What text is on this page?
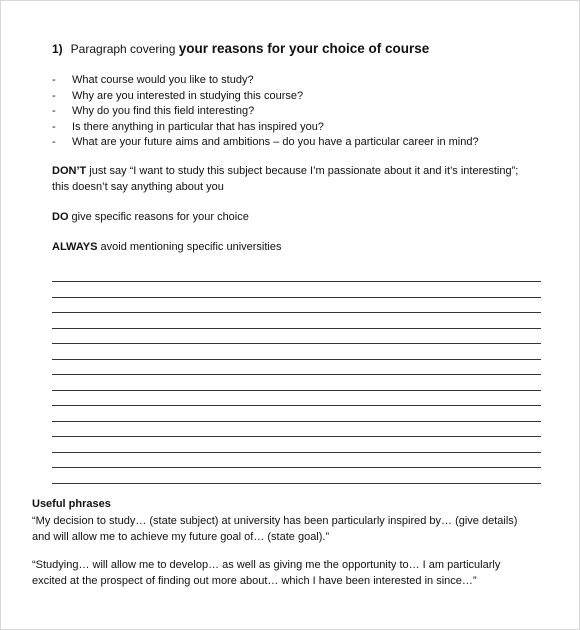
1) Paragraph covering your reasons for your choice of course
- What course would you like to study?
- Why are you interested in studying this course?
- Why do you find this field interesting?
- Is there anything in particular that has inspired you?
- What are your future aims and ambitions – do you have a particular career in mind?
DON’T just say “I want to study this subject because I’m passionate about it and it’s interesting”;
this doesn’t say anything about you
DO give specific reasons for your choice
ALWAYS avoid mentioning specific universities
Useful phrases
“My decision to study… (state subject) at university has been particularly inspired by… (give details)
and will allow me to achieve my future goal of… (state goal).”
“Studying… will allow me to develop… as well as giving me the opportunity to… I am particularly
excited at the prospect of finding out more about… which I have been interested in since…”
